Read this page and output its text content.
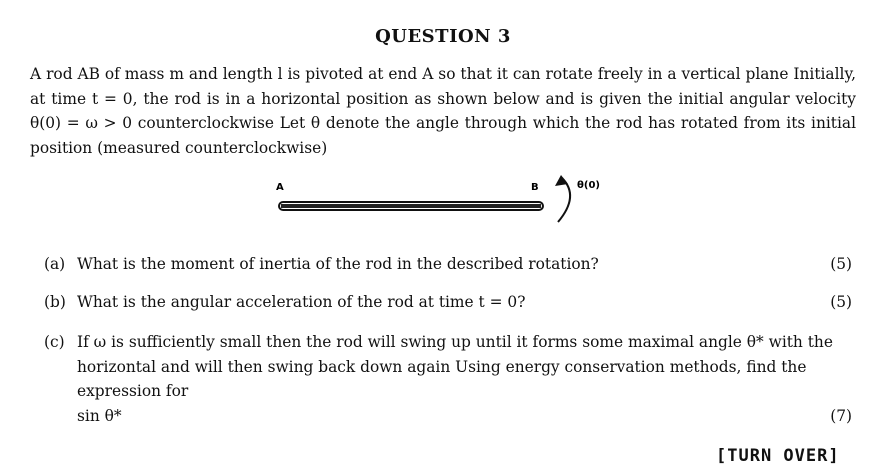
QUESTION 3
A rod AB of mass m and length l is pivoted at end A so that it can rotate freely in a vertical plane Initially, at time t = 0, the rod is in a horizontal position as shown below and is given the initial angular velocity θ(0) = ω > 0 counterclockwise Let θ denote the angle through which the rod has rotated from its initial position (measured counterclockwise)
A	B	θ(0)
(a) What is the moment of inertia of the rod in the described rotation?	(5)
(b) What is the angular acceleration of the rod at time t = 0?	(5)
(c) If ω is sufficiently small then the rod will swing up until it forms some maximal angle θ* with the horizontal and will then swing back down again Using energy conservation methods, find the expression for
sin θ*	(7)
[TURN OVER]
